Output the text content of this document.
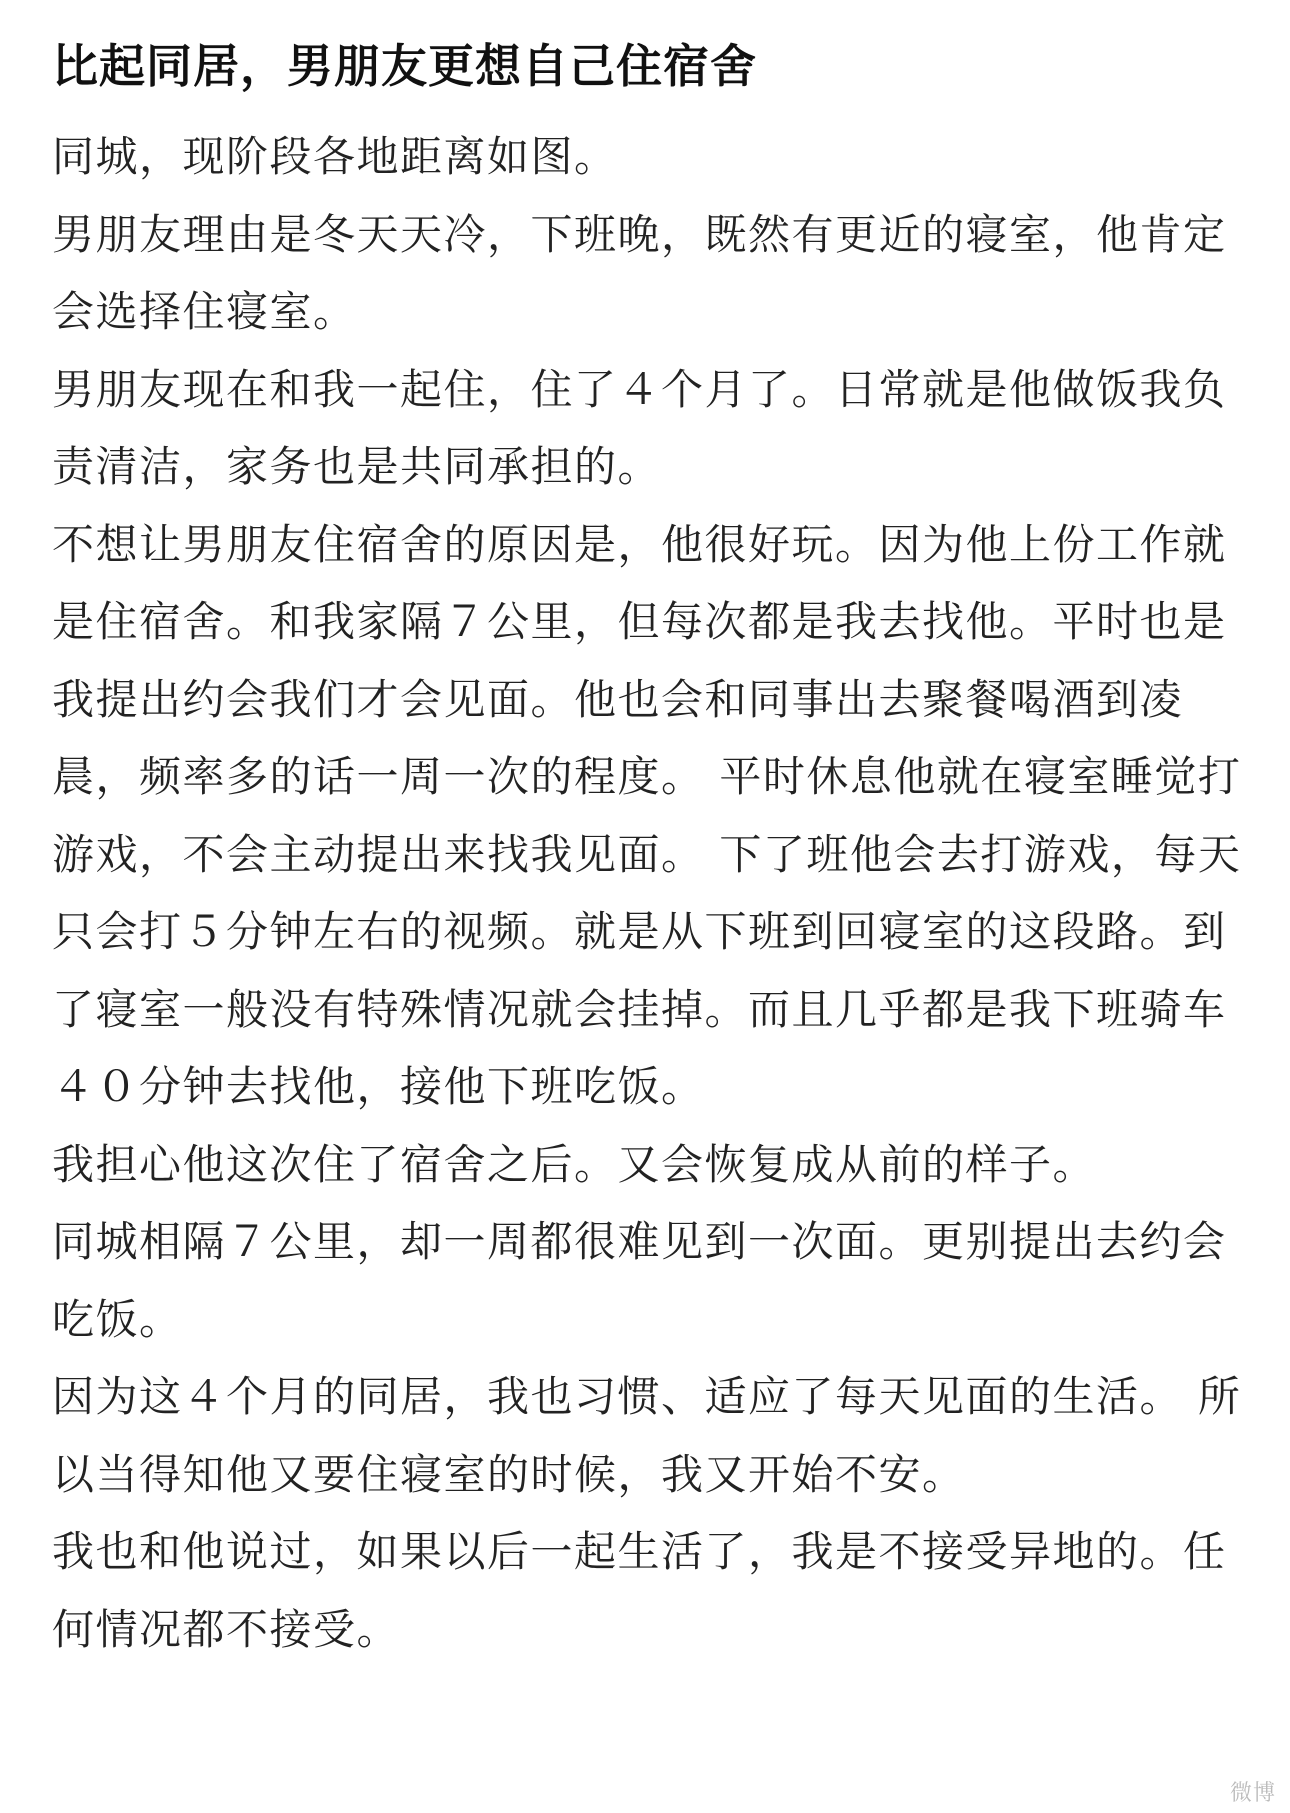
比起同居，男朋友更想自己住宿舍

同城，现阶段各地距离如图。

男朋友理由是冬天天冷，下班晚，既然有更近的寝室，他肯定会选择住寝室。

男朋友现在和我一起住，住了４个月了。日常就是他做饭我负责清洁，家务也是共同承担的。

不想让男朋友住宿舍的原因是，他很好玩。因为他上份工作就是住宿舍。和我家隔７公里，但每次都是我去找他。平时也是我提出约会我们才会见面。他也会和同事出去聚餐喝酒到凌晨，频率多的话一周一次的程度。 平时休息他就在寝室睡觉打游戏，不会主动提出来找我见面。 下了班他会去打游戏，每天只会打５分钟左右的视频。就是从下班到回寝室的这段路。到了寝室一般没有特殊情况就会挂掉。而且几乎都是我下班骑车４０分钟去找他，接他下班吃饭。

我担心他这次住了宿舍之后。又会恢复成从前的样子。

同城相隔７公里，却一周都很难见到一次面。更别提出去约会吃饭。

因为这４个月的同居，我也习惯、适应了每天见面的生活。 所以当得知他又要住寝室的时候，我又开始不安。

我也和他说过，如果以后一起生活了，我是不接受异地的。任何情况都不接受。

微博
